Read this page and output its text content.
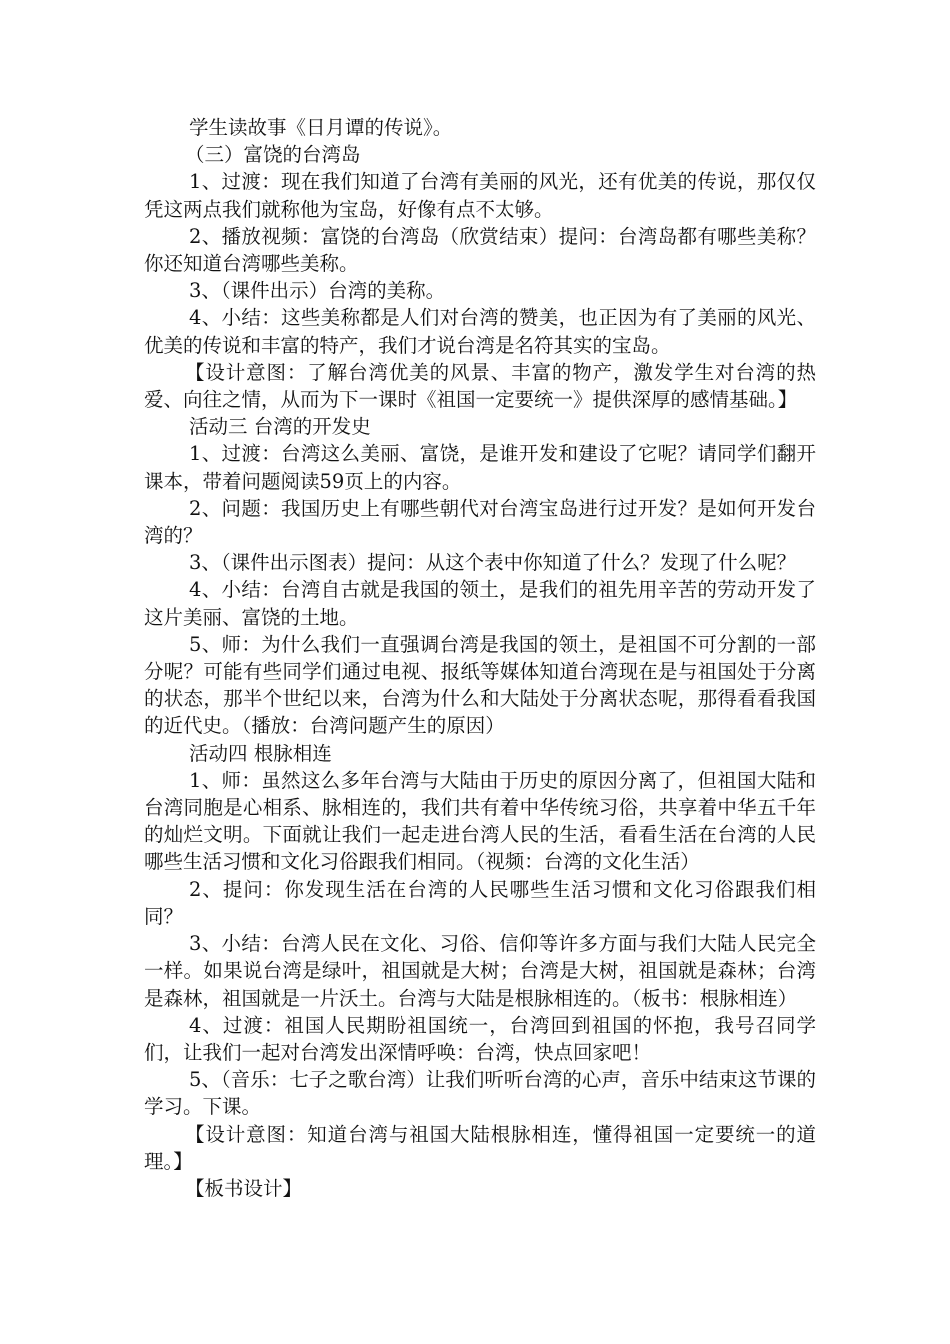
学生读故事《日月谭的传说》。

（三）富饶的台湾岛

1、过渡：现在我们知道了台湾有美丽的风光，还有优美的传说，那仅仅凭这两点我们就称他为宝岛，好像有点不太够。

2、播放视频：富饶的台湾岛（欣赏结束）提问：台湾岛都有哪些美称？你还知道台湾哪些美称。

3、（课件出示）台湾的美称。

4、小结：这些美称都是人们对台湾的赞美，也正因为有了美丽的风光、优美的传说和丰富的特产，我们才说台湾是名符其实的宝岛。

【设计意图：了解台湾优美的风景、丰富的物产，激发学生对台湾的热爱、向往之情，从而为下一课时《祖国一定要统一》提供深厚的感情基础。】

活动三 台湾的开发史

1、过渡：台湾这么美丽、富饶，是谁开发和建设了它呢？请同学们翻开课本，带着问题阅读59页上的内容。

2、问题：我国历史上有哪些朝代对台湾宝岛进行过开发？是如何开发台湾的？

3、（课件出示图表）提问：从这个表中你知道了什么？发现了什么呢？

4、小结：台湾自古就是我国的领土，是我们的祖先用辛苦的劳动开发了这片美丽、富饶的土地。

5、师：为什么我们一直强调台湾是我国的领土，是祖国不可分割的一部分呢？可能有些同学们通过电视、报纸等媒体知道台湾现在是与祖国处于分离的状态，那半个世纪以来，台湾为什么和大陆处于分离状态呢，那得看看我国的近代史。（播放：台湾问题产生的原因）

活动四 根脉相连

1、师：虽然这么多年台湾与大陆由于历史的原因分离了，但祖国大陆和台湾同胞是心相系、脉相连的，我们共有着中华传统习俗，共享着中华五千年的灿烂文明。下面就让我们一起走进台湾人民的生活，看看生活在台湾的人民哪些生活习惯和文化习俗跟我们相同。（视频：台湾的文化生活）

2、提问：你发现生活在台湾的人民哪些生活习惯和文化习俗跟我们相同？

3、小结：台湾人民在文化、习俗、信仰等许多方面与我们大陆人民完全一样。如果说台湾是绿叶，祖国就是大树；台湾是大树，祖国就是森林；台湾是森林，祖国就是一片沃土。台湾与大陆是根脉相连的。（板书：根脉相连）

4、过渡：祖国人民期盼祖国统一，台湾回到祖国的怀抱，我号召同学们，让我们一起对台湾发出深情呼唤：台湾，快点回家吧！

5、（音乐：七子之歌台湾）让我们听听台湾的心声，音乐中结束这节课的学习。下课。

【设计意图：知道台湾与祖国大陆根脉相连，懂得祖国一定要统一的道理。】

【板书设计】
